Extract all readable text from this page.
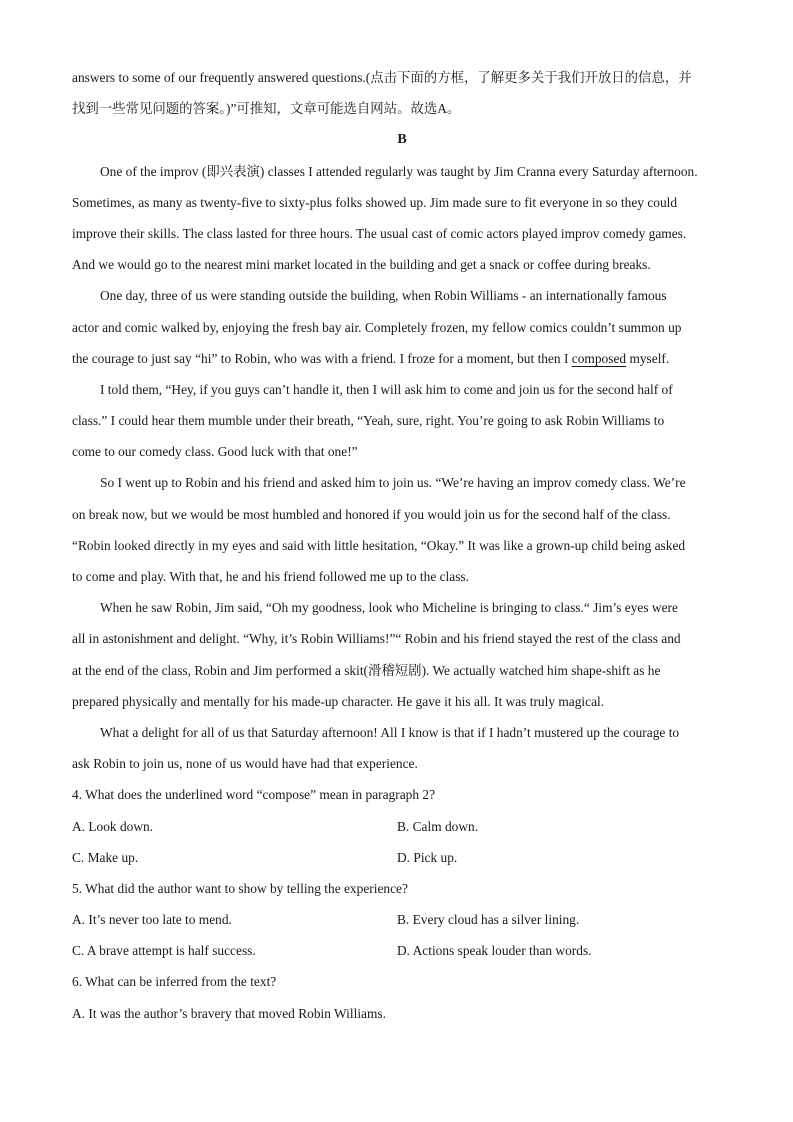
answers to some of our frequently answered questions.(点击下面的方框，了解更多关于我们开放日的信息，并
找到一些常见问题的答案。)”可推知，文章可能选自网站。故选A。
B
One of the improv (即兴表演) classes I attended regularly was taught by Jim Cranna every Saturday afternoon.
Sometimes, as many as twenty-five to sixty-plus folks showed up. Jim made sure to fit everyone in so they could
improve their skills. The class lasted for three hours. The usual cast of comic actors played improv comedy games.
And we would go to the nearest mini market located in the building and get a snack or coffee during breaks.
One day, three of us were standing outside the building, when Robin Williams - an internationally famous
actor and comic walked by, enjoying the fresh bay air. Completely frozen, my fellow comics couldn’t summon up
the courage to just say “hi” to Robin, who was with a friend. I froze for a moment, but then I composed myself.
I told them, “Hey, if you guys can’t handle it, then I will ask him to come and join us for the second half of
class.” I could hear them mumble under their breath, “Yeah, sure, right. You’re going to ask Robin Williams to
come to our comedy class. Good luck with that one!”
So I went up to Robin and his friend and asked him to join us. “We’re having an improv comedy class. We’re
on break now, but we would be most humbled and honored if you would join us for the second half of the class.
“Robin looked directly in my eyes and said with little hesitation, “Okay.” It was like a grown-up child being asked
to come and play. With that, he and his friend followed me up to the class.
When he saw Robin, Jim said, “Oh my goodness, look who Micheline is bringing to class.“ Jim’s eyes were
all in astonishment and delight. “Why, it’s Robin Williams!”“ Robin and his friend stayed the rest of the class and
at the end of the class, Robin and Jim performed a skit(滑稽短剧). We actually watched him shape-shift as he
prepared physically and mentally for his made-up character. He gave it his all. It was truly magical.
What a delight for all of us that Saturday afternoon! All I know is that if I hadn’t mustered up the courage to
ask Robin to join us, none of us would have had that experience.
4. What does the underlined word “compose” mean in paragraph 2?
A. Look down.	B. Calm down.
C. Make up.	D. Pick up.
5. What did the author want to show by telling the experience?
A. It’s never too late to mend.	B. Every cloud has a silver lining.
C. A brave attempt is half success.	D. Actions speak louder than words.
6. What can be inferred from the text?
A. It was the author’s bravery that moved Robin Williams.
